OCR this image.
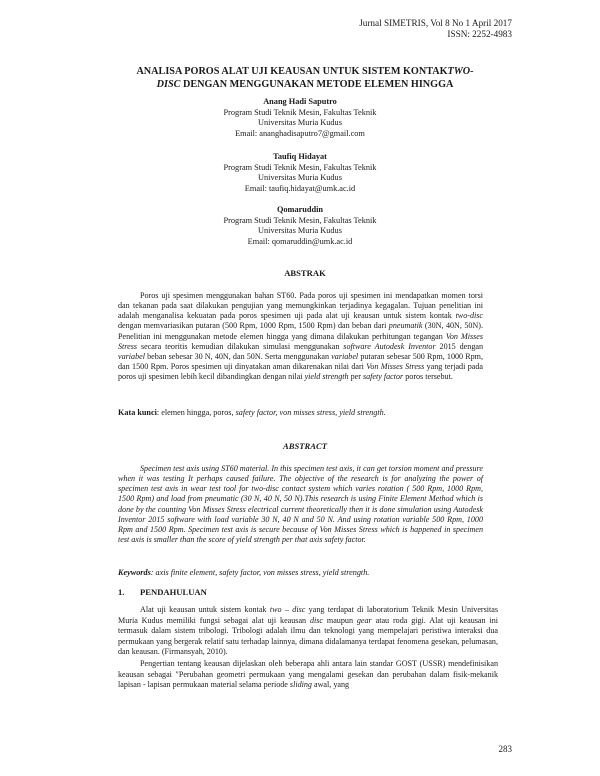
Jurnal SIMETRIS, Vol 8 No 1 April 2017
ISSN: 2252-4983
ANALISA POROS ALAT UJI KEAUSAN UNTUK SISTEM KONTAKTWO-
DISC DENGAN MENGGUNAKAN METODE ELEMEN HINGGA
Anang Hadi Saputro
Program Studi Teknik Mesin, Fakultas Teknik
Universitas Muria Kudus
Email: ananghadisaputro7@gmail.com
Taufiq Hidayat
Program Studi Teknik Mesin, Fakultas Teknik
Universitas Muria Kudus
Email: taufiq.hidayat@umk.ac.id
Qomaruddin
Program Studi Teknik Mesin, Fakultas Teknik
Universitas Muria Kudus
Email: qomaruddin@umk.ac.id
ABSTRAK

Poros uji spesimen menggunakan bahan ST60. Pada poros uji spesimen ini mendapatkan momen torsi dan tekanan pada saat dilakukan pengujian yang memungkinkan terjadinya kegagalan. Tujuan penelitian ini adalah menganalisa kekuatan pada poros spesimen uji pada alat uji keausan untuk sistem kontak two-disc dengan memvariasikan putaran (500 Rpm, 1000 Rpm, 1500 Rpm) dan beban dari pneumatik (30N, 40N, 50N). Penelitian ini menggunakan metode elemen hingga yang dimana dilakukan perhitungan tegangan Von Misses Stress secara teoritis kemudian dilakukan simulasi menggunakan software Autodesk Inventor 2015 dengan variabel beban sebesar 30 N, 40N, dan 50N. Serta menggunakan variabel putaran sebesar 500 Rpm, 1000 Rpm, dan 1500 Rpm. Poros spesimen uji dinyatakan aman dikarenakan nilai dari Von Misses Stress yang terjadi pada poros uji spesimen lebih kecil dibandingkan dengan nilai yield strength per safety factor poros tersebut.

Kata kunci: elemen hingga, poros, safety factor, von misses stress, yield strength.
ABSTRACT

Specimen test axis using ST60 material. In this specimen test axis, it can get torsion moment and pressure when it was testing It perhaps caused failure. The objective of the research is for analyzing the power of specimen test axis in wear test tool for two-disc contact system which varies rotation ( 500 Rpm, 1000 Rpm, 1500 Rpm) and load from pneumatic (30 N, 40 N, 50 N).This research is using Finite Element Method which is done by the counting Von Misses Stress electrical current theoretically then it is done simulation using Autodesk Inventor 2015 software with load variable 30 N, 40 N and 50 N. And using rotation variable 500 Rpm, 1000 Rpm and 1500 Rpm. Specimen test axis is secure because of Von Misses Stress which is happened in specimen test axis is smaller than the score of yield strength per that axis safety factor.

Keywords: axis finite element, safety factor, von misses stress, yield strength.
1. PENDAHULUAN

Alat uji keausan untuk sistem kontak two – disc yang terdapat di laboratorium Teknik Mesin Universitas Muria Kudus memiliki fungsi sebagai alat uji keausan disc maupun gear atau roda gigi. Alat uji keausan ini termasuk dalam sistem tribologi. Tribologi adalah ilmu dan teknologi yang mempelajari peristiwa interaksi dua permukaan yang bergerak relatif satu terhadap lainnya, dimana didalamanya terdapat fenomena gesekan, pelumasan, dan keausan. (Firmansyah, 2010).

Pengertian tentang keausan dijelaskan oleh beberapa ahli antara lain standar GOST (USSR) mendefinisikan keausan sebagai "Perubahan geometri permukaan yang mengalami gesekan dan perubahan dalam fisik-mekanik lapisan - lapisan permukaan material selama periode sliding awal, yang

283
